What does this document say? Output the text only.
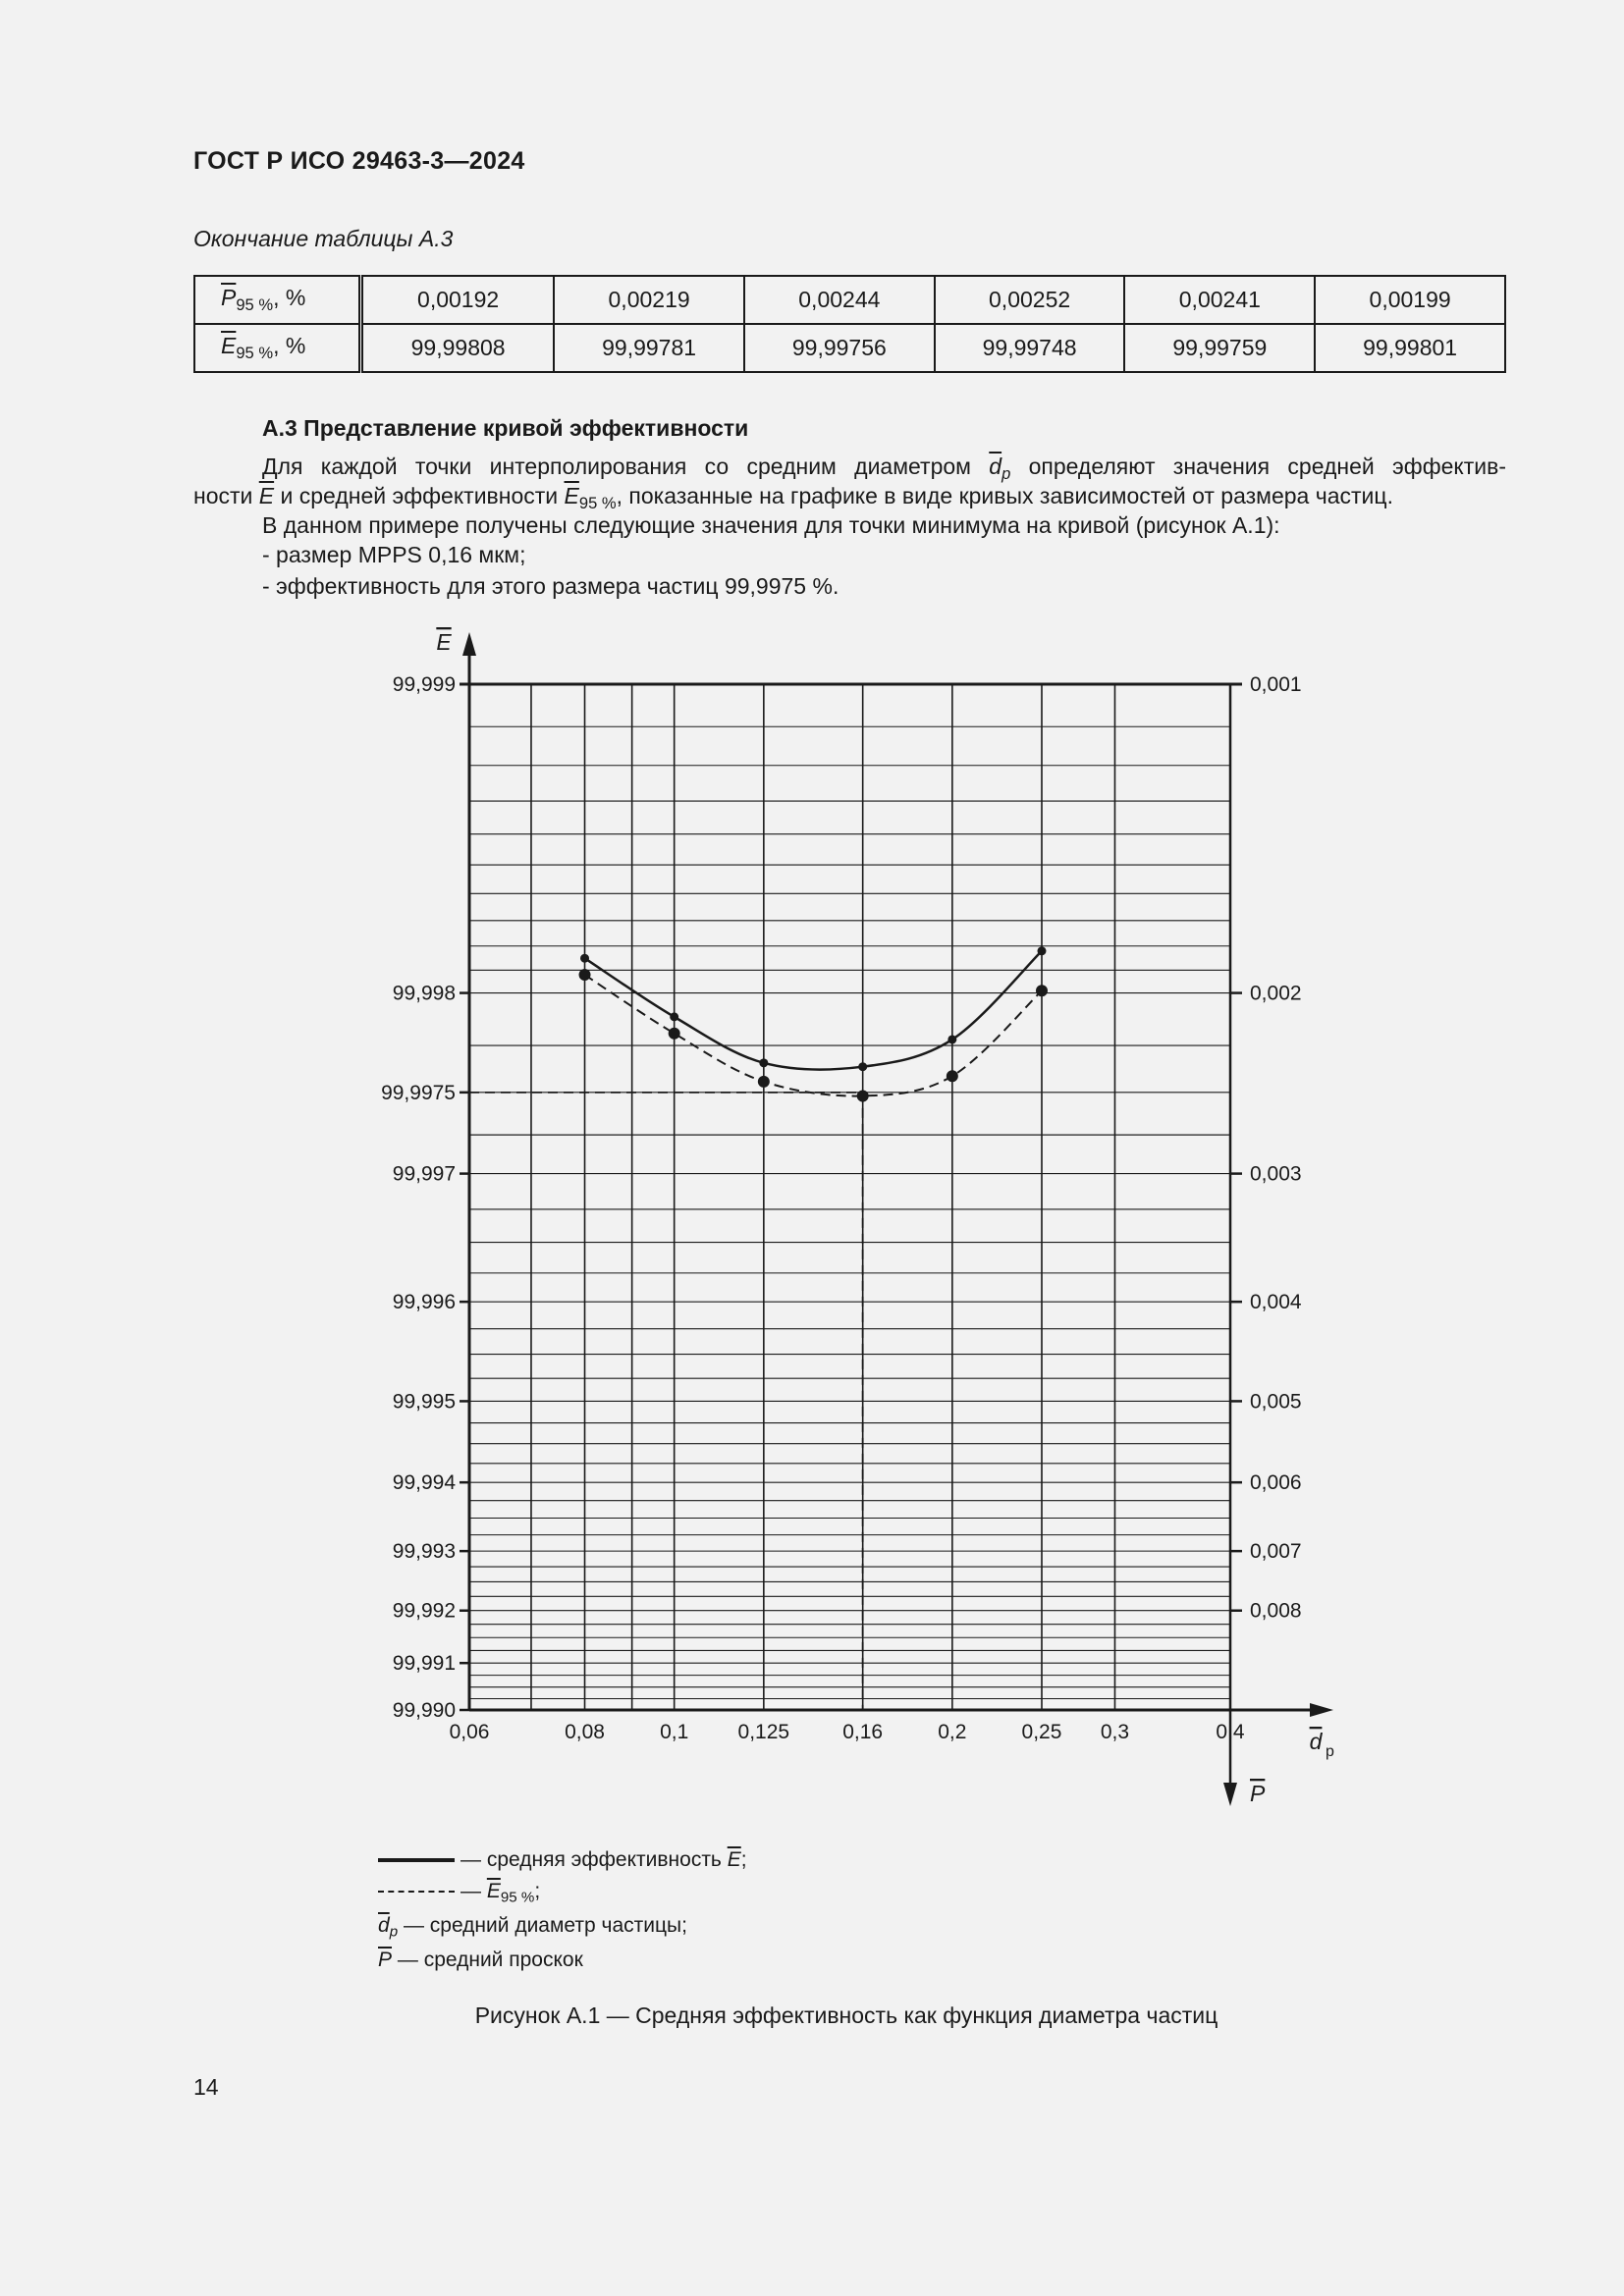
ГОСТ Р ИСО 29463-3—2024
Окончание таблицы А.3
$\overline{P}_{95 \%}$, %	0,00192	0,00219	0,00244	0,00252	0,00241	0,00199
$\overline{E}_{95 \%}$, %	99,99808	99,99781	99,99756	99,99748	99,99759	99,99801
А.3 Представление кривой эффективности
Для каждой точки интерполирования со средним диаметром $\overline{d}_p$ определяют значения средней эффектив-
ности $\overline{E}$ и средней эффективности $\overline{E}_{95 \%}$, показанные на графике в виде кривых зависимостей от размера частиц.
В данном примере получены следующие значения для точки минимума на кривой (рисунок А.1):
- размер MPPS 0,16 мкм;
- эффективность для этого размера частиц 99,9975 %.
99,999
99,998
99,9975
99,997
99,996
99,995
99,994
99,993
99,992
99,991
99,990
0,001
0,002
0,003
0,004
0,005
0,006
0,007
0,008
0,06	0,08	0,1 0,125	0,16	0,2	0,25 0,3	0,4
E
d p
P
— средняя эффективность $\overline{E}$;
— $\overline{E}_{95 \%}$;
$\overline{d}_p$ — средний диаметр частицы;
$\overline{P}$ — средний проскок
Рисунок А.1 — Средняя эффективность как функция диаметра частиц
14
